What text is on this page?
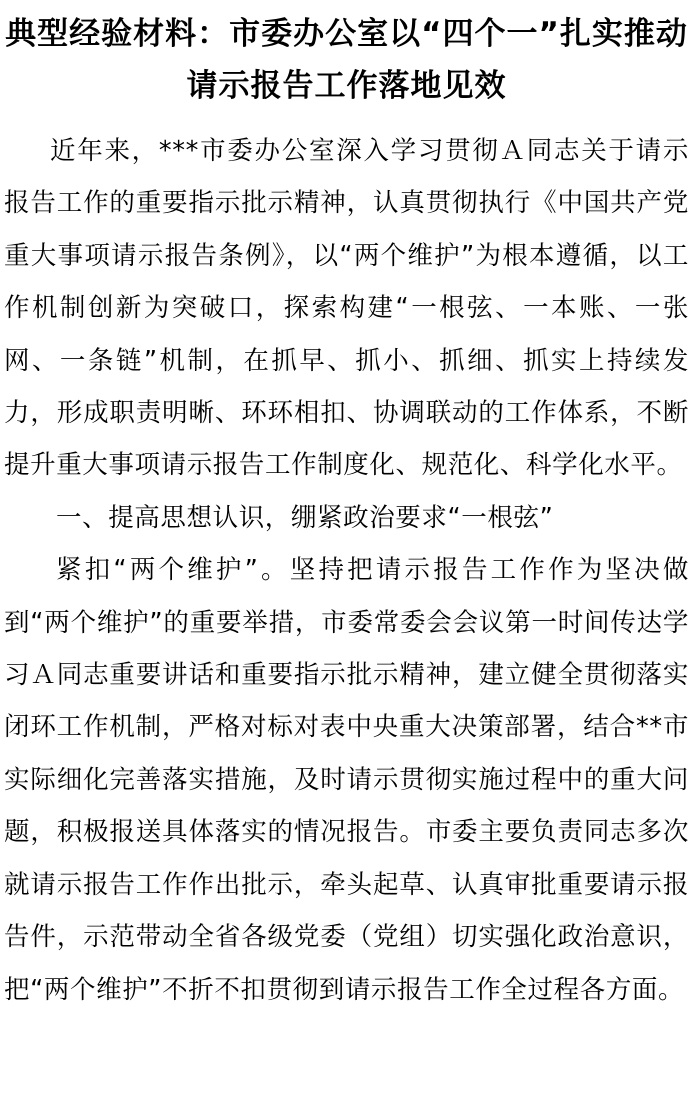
典型经验材料：市委办公室以“四个一”扎实推动请示报告工作落地见效

近年来，***市委办公室深入学习贯彻Ａ同志关于请示报告工作的重要指示批示精神，认真贯彻执行《中国共产党重大事项请示报告条例》，以“两个维护”为根本遵循，以工作机制创新为突破口，探索构建“一根弦、一本账、一张网、一条链”机制，在抓早、抓小、抓细、抓实上持续发力，形成职责明晰、环环相扣、协调联动的工作体系，不断提升重大事项请示报告工作制度化、规范化、科学化水平。

一、提高思想认识，绷紧政治要求“一根弦”

紧扣“两个维护”。坚持把请示报告工作作为坚决做到“两个维护”的重要举措，市委常委会会议第一时间传达学习Ａ同志重要讲话和重要指示批示精神，建立健全贯彻落实闭环工作机制，严格对标对表中央重大决策部署，结合**市实际细化完善落实措施，及时请示贯彻实施过程中的重大问题，积极报送具体落实的情况报告。市委主要负责同志多次就请示报告工作作出批示，牵头起草、认真审批重要请示报告件，示范带动全省各级党委（党组）切实强化政治意识，把“两个维护”不折不扣贯彻到请示报告工作全过程各方面。
